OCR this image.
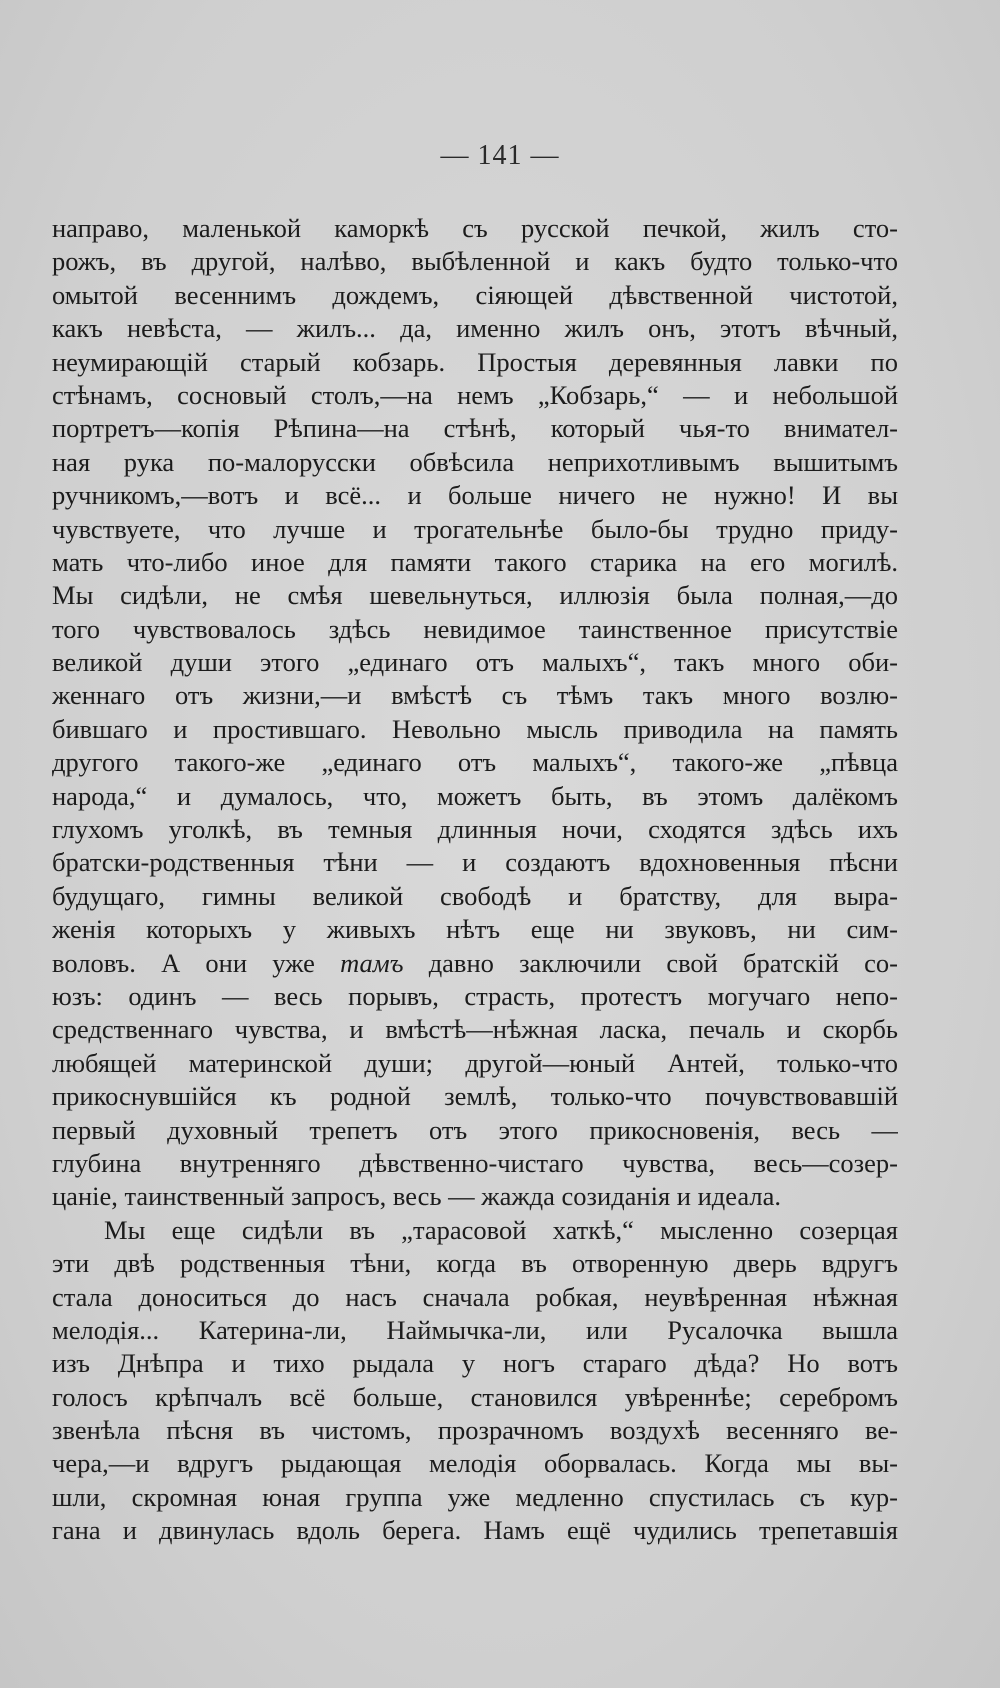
— 141 —
направо, маленькой каморкѣ съ русской печкой, жилъ сто-
рожъ, въ другой, налѣво, выбѣленной и какъ будто только-что
омытой весеннимъ дождемъ, сіяющей дѣвственной чистотой,
какъ невѣста, — жилъ... да, именно жилъ онъ, этотъ вѣчный,
неумирающій старый кобзарь. Простыя деревянныя лавки по
стѣнамъ, сосновый столъ,—на немъ „Кобзарь,“ — и небольшой
портретъ—копія Рѣпина—на стѣнѣ, который чья-то внимател-
ная рука по-малорусски обвѣсила неприхотливымъ вышитымъ
ручникомъ,—вотъ и всё... и больше ничего не нужно! И вы
чувствуете, что лучше и трогательнѣе было-бы трудно приду-
мать что-либо иное для памяти такого старика на его могилѣ.
Мы сидѣли, не смѣя шевельнуться, иллюзія была полная,—до
того чувствовалось здѣсь невидимое таинственное присутствіе
великой души этого „единаго отъ малыхъ“, такъ много оби-
женнаго отъ жизни,—и вмѣстѣ съ тѣмъ такъ много возлю-
бившаго и простившаго. Невольно мысль приводила на память
другого такого-же „единаго отъ малыхъ“, такого-же „пѣвца
народа,“ и думалось, что, можетъ быть, въ этомъ далёкомъ
глухомъ уголкѣ, въ темныя длинныя ночи, сходятся здѣсь ихъ
братски-родственныя тѣни — и создаютъ вдохновенныя пѣсни
будущаго, гимны великой свободѣ и братству, для выра-
женія которыхъ у живыхъ нѣтъ еще ни звуковъ, ни сим-
воловъ. А они уже тамъ давно заключили свой братскій со-
юзъ: одинъ — весь порывъ, страсть, протестъ могучаго непо-
средственнаго чувства, и вмѣстѣ—нѣжная ласка, печаль и скорбь
любящей материнской души; другой—юный Антей, только-что
прикоснувшійся къ родной землѣ, только-что почувствовавшій
первый духовный трепетъ отъ этого прикосновенія, весь —
глубина внутренняго дѣвственно-чистаго чувства, весь—созер-
цаніе, таинственный запросъ, весь — жажда созиданія и идеала.
Мы еще сидѣли въ „тарасовой хаткѣ,“ мысленно созерцая
эти двѣ родственныя тѣни, когда въ отворенную дверь вдругъ
стала доноситься до насъ сначала робкая, неувѣренная нѣжная
мелодія... Катерина-ли, Наймычка-ли, или Русалочка вышла
изъ Днѣпра и тихо рыдала у ногъ стараго дѣда? Но вотъ
голосъ крѣпчалъ всё больше, становился увѣреннѣе; серебромъ
звенѣла пѣсня въ чистомъ, прозрачномъ воздухѣ весенняго ве-
чера,—и вдругъ рыдающая мелодія оборвалась. Когда мы вы-
шли, скромная юная группа уже медленно спустилась съ кур-
гана и двинулась вдоль берега. Намъ ещё чудились трепетавшія
